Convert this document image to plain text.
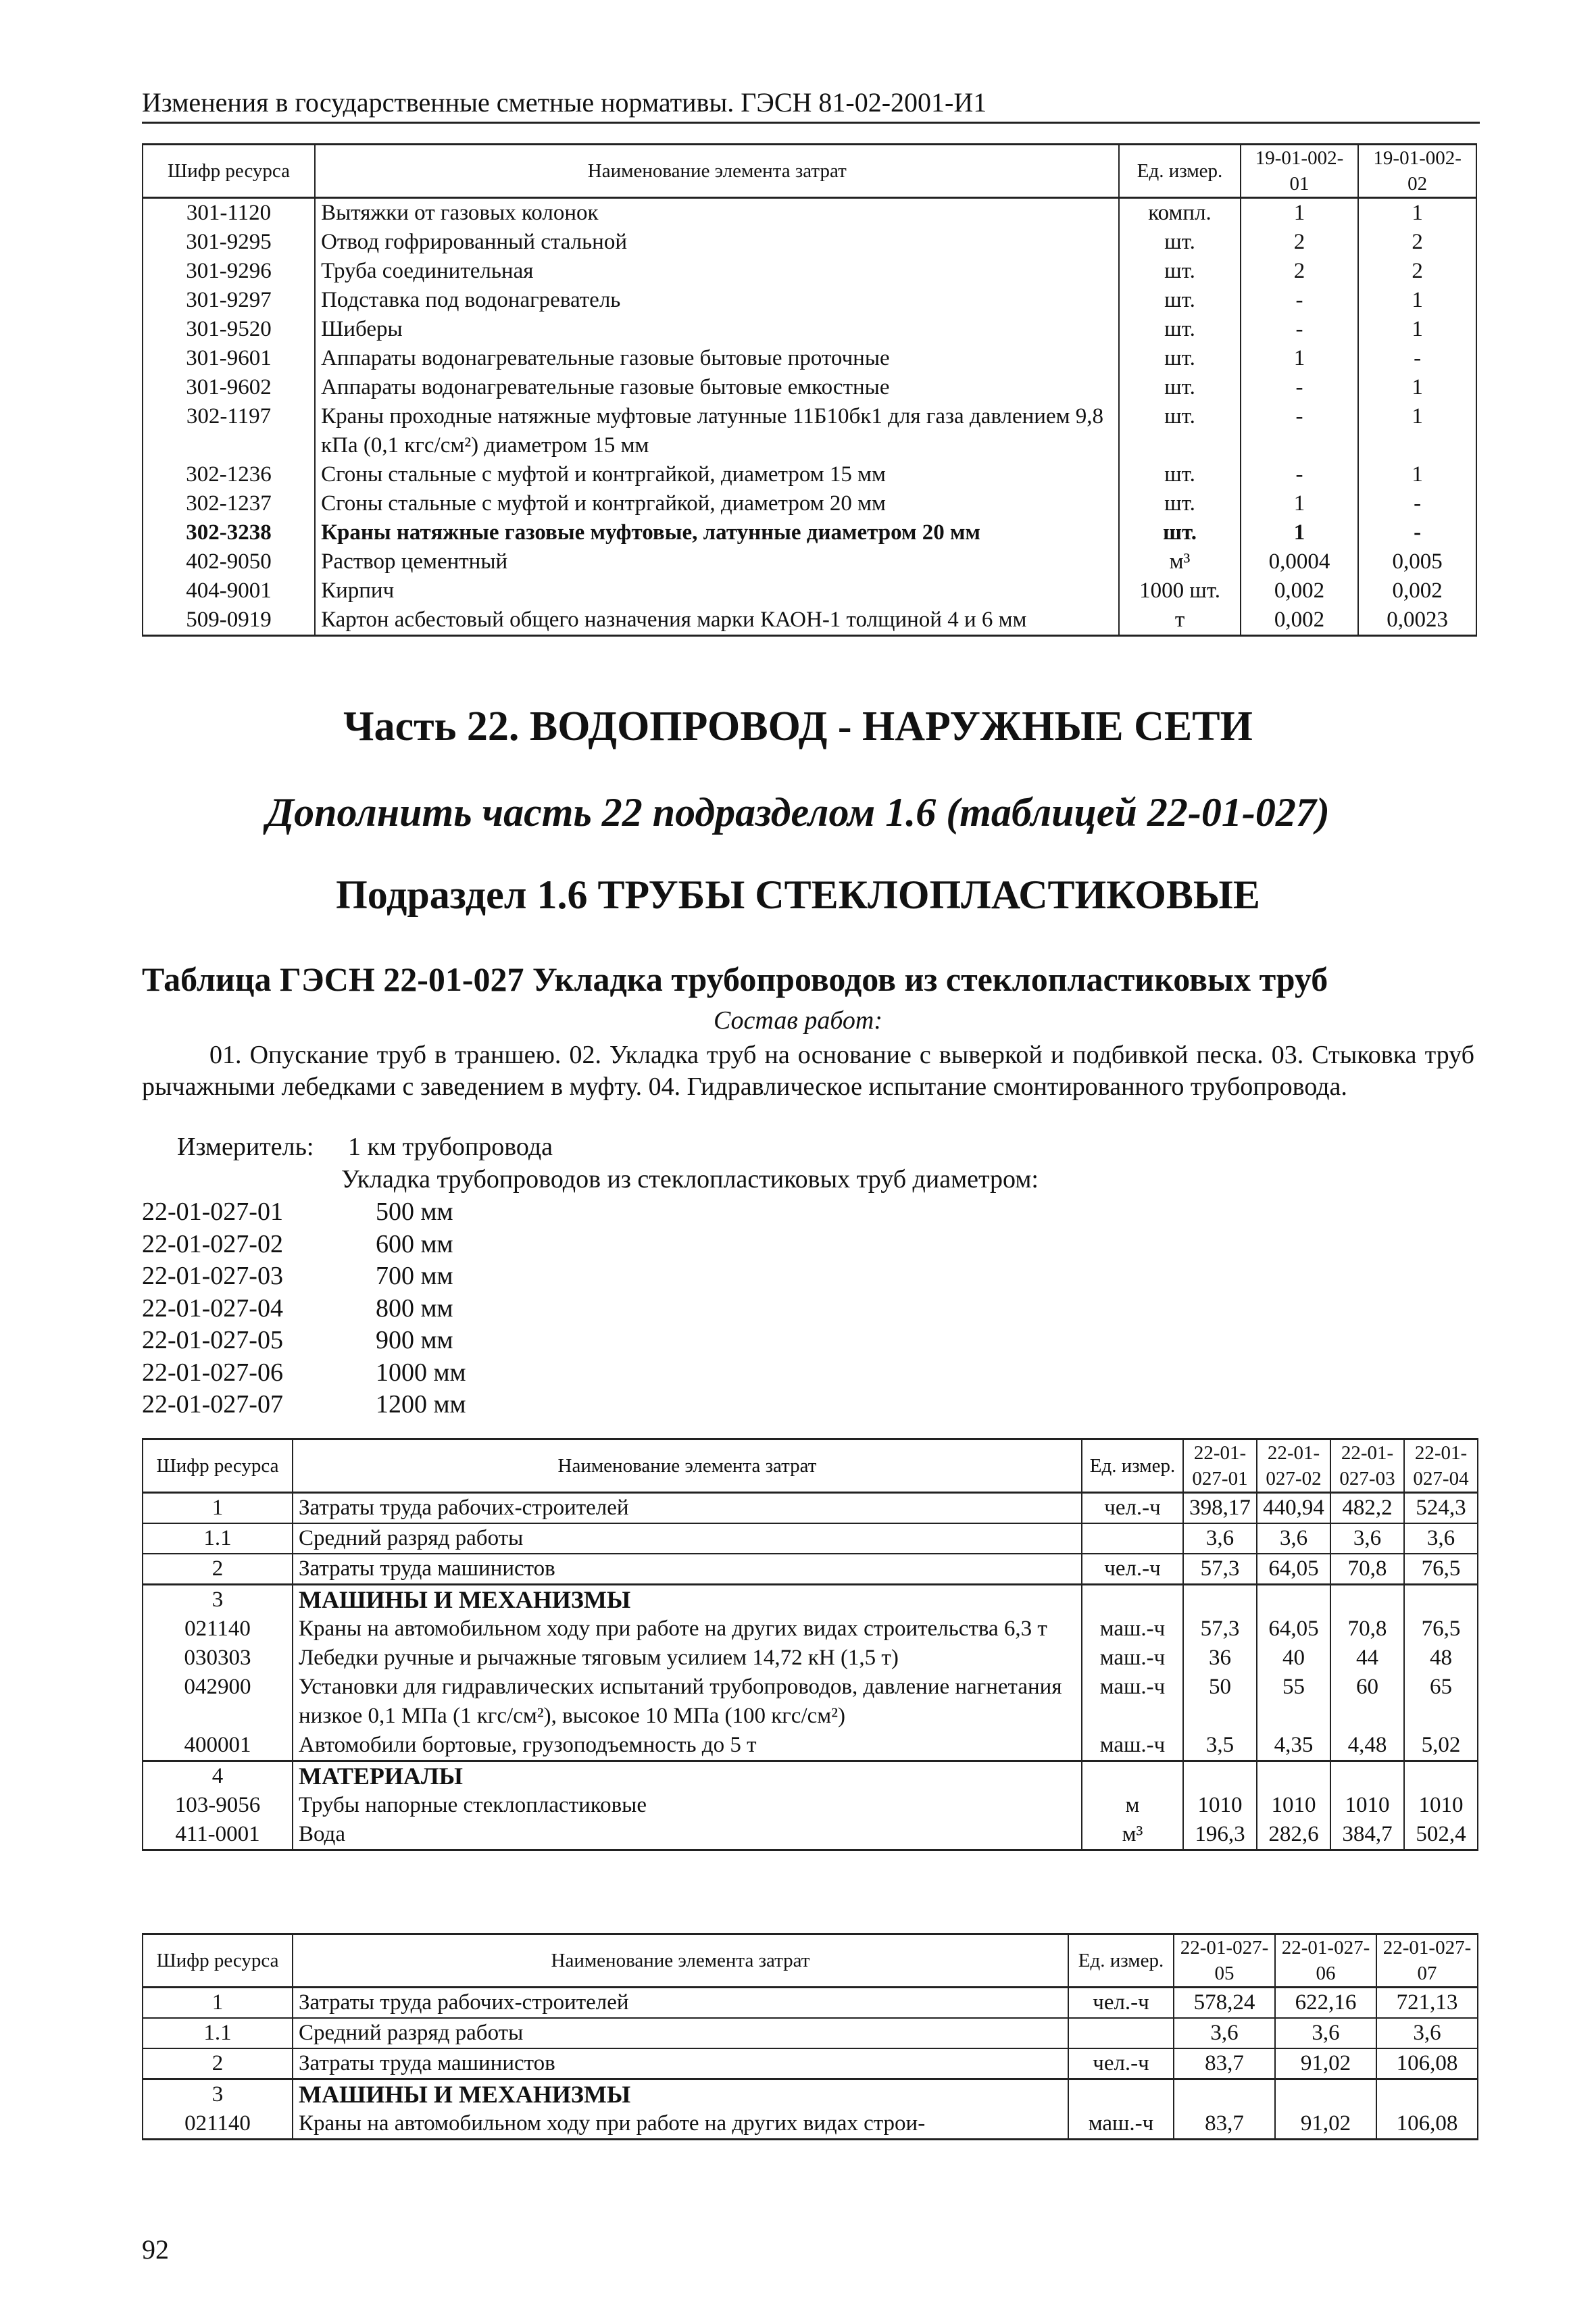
Изменения в государственные сметные нормативы. ГЭСН 81-02-2001-И1
Шифр ресурса	Наименование элемента затрат	Ед. измер.	19-01-002-01	19-01-002-02
301-1120	Вытяжки от газовых колонок	компл.	1	1
301-9295	Отвод гофрированный стальной	шт.	2	2
301-9296	Труба соединительная	шт.	2	2
301-9297	Подставка под водонагреватель	шт.	-	1
301-9520	Шиберы	шт.	-	1
301-9601	Аппараты водонагревательные газовые бытовые проточные	шт.	1	-
301-9602	Аппараты водонагревательные газовые бытовые емкостные	шт.	-	1
302-1197	Краны проходные натяжные муфтовые латунные 11Б10бк1 для газа давлением 9,8 кПа (0,1 кгс/см²) диаметром 15 мм	шт.	-	1
302-1236	Сгоны стальные с муфтой и контргайкой, диаметром 15 мм	шт.	-	1
302-1237	Сгоны стальные с муфтой и контргайкой, диаметром 20 мм	шт.	1	-
302-3238	Краны натяжные газовые муфтовые, латунные диаметром 20 мм	шт.	1	-
402-9050	Раствор цементный	м³	0,0004	0,005
404-9001	Кирпич	1000 шт.	0,002	0,002
509-0919	Картон асбестовый общего назначения марки КАОН-1 толщиной 4 и 6 мм	т	0,002	0,0023
Часть 22. ВОДОПРОВОД - НАРУЖНЫЕ СЕТИ
Дополнить часть 22 подразделом 1.6 (таблицей 22-01-027)
Подраздел 1.6 ТРУБЫ СТЕКЛОПЛАСТИКОВЫЕ
Таблица ГЭСН 22-01-027 Укладка трубопроводов из стеклопластиковых труб
Состав работ:
01. Опускание труб в траншею. 02. Укладка труб на основание с выверкой и подбивкой песка. 03. Стыковка труб рычажными лебедками с заведением в муфту. 04. Гидравлическое испытание смонтированного трубопровода.
Измеритель: 1 км трубопровода
Укладка трубопроводов из стеклопластиковых труб диаметром:
22-01-027-01	500 мм
22-01-027-02	600 мм
22-01-027-03	700 мм
22-01-027-04	800 мм
22-01-027-05	900 мм
22-01-027-06	1000 мм
22-01-027-07	1200 мм
Шифр ресурса	Наименование элемента затрат	Ед. измер.	22-01-027-01	22-01-027-02	22-01-027-03	22-01-027-04
1	Затраты труда рабочих-строителей	чел.-ч	398,17	440,94	482,2	524,3
1.1	Средний разряд работы		3,6	3,6	3,6	3,6
2	Затраты труда машинистов	чел.-ч	57,3	64,05	70,8	76,5
3	МАШИНЫ И МЕХАНИЗМЫ					
021140	Краны на автомобильном ходу при работе на других видах строительства 6,3 т	маш.-ч	57,3	64,05	70,8	76,5
030303	Лебедки ручные и рычажные тяговым усилием 14,72 кН (1,5 т)	маш.-ч	36	40	44	48
042900	Установки для гидравлических испытаний трубопроводов, давление нагнетания низкое 0,1 МПа (1 кгс/см²), высокое 10 МПа (100 кгс/см²)	маш.-ч	50	55	60	65
400001	Автомобили бортовые, грузоподъемность до 5 т	маш.-ч	3,5	4,35	4,48	5,02
4	МАТЕРИАЛЫ					
103-9056	Трубы напорные стеклопластиковые	м	1010	1010	1010	1010
411-0001	Вода	м³	196,3	282,6	384,7	502,4
Шифр ресурса	Наименование элемента затрат	Ед. измер.	22-01-027-05	22-01-027-06	22-01-027-07
1	Затраты труда рабочих-строителей	чел.-ч	578,24	622,16	721,13
1.1	Средний разряд работы		3,6	3,6	3,6
2	Затраты труда машинистов	чел.-ч	83,7	91,02	106,08
3	МАШИНЫ И МЕХАНИЗМЫ				
021140	Краны на автомобильном ходу при работе на других видах строи-	маш.-ч	83,7	91,02	106,08
92
